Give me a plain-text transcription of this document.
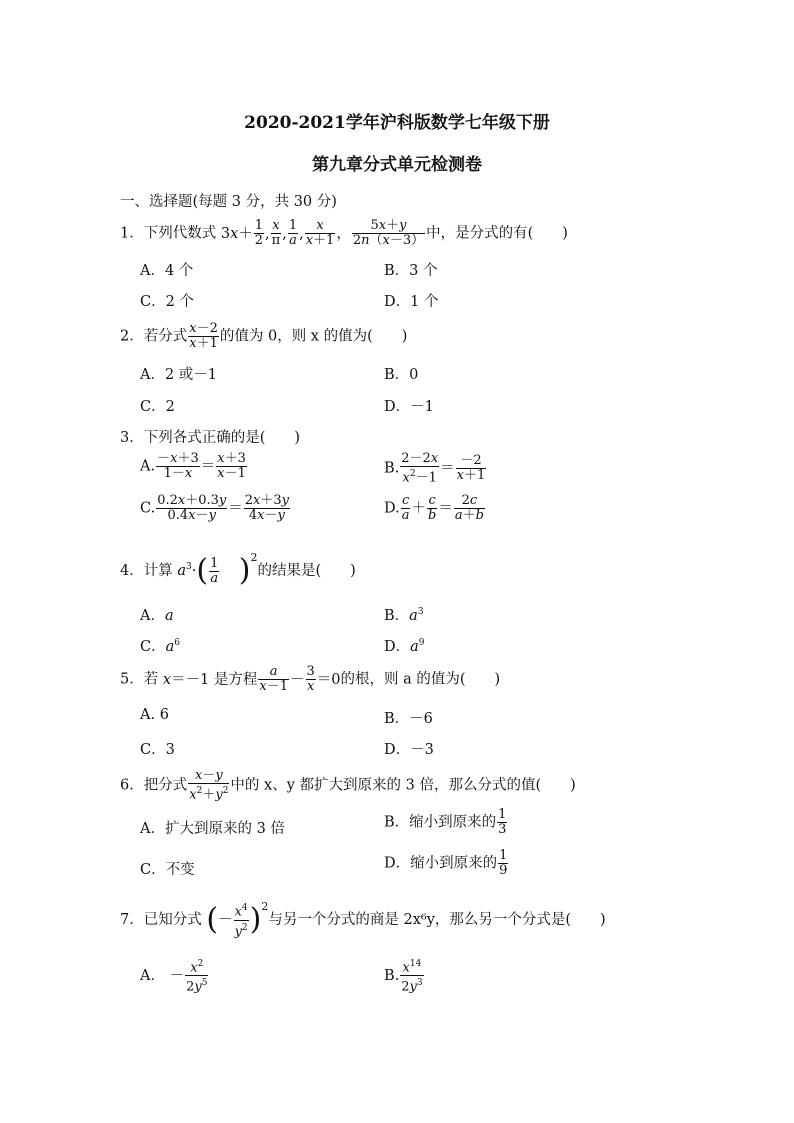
2020-2021学年沪科版数学七年级下册
第九章分式单元检测卷
一、选择题(每题 3 分，共 30 分)
1．下列代数式 $3x+ \frac{1}{2}$ , $\frac{x}{\pi}$ , $\frac{1}{a}$ , $\frac{x}{x+1}$ ， $\frac{5x+y}{2n(x-3)}$ 中，是分式的有(　　)
A．4 个	B．3 个
C．2 个	D．1 个
2．若分式 $\frac{x-2}{x+1}$ 的值为 0，则 x 的值为(　　)
A．2 或－1	B．0
C．2	D．－1
3．下列各式正确的是(　　)
A. $\frac{-x+3}{1-x} = \frac{x+3}{x-1}$	B. $\frac{2-2x}{x^2-1} = \frac{-2}{x+1}$
C. $\frac{0.2x+0.3y}{0.4x-y} = \frac{2x+3y}{4x-y}$	D. $\frac{c}{a} + \frac{c}{b} = \frac{2c}{a+b}$
4．计算 $a^3\cdot( \frac{1}{a} )^2$的结果是(　　)
A．a	B．$a^3$
C．$a^6$	D．$a^9$
5．若 x＝－1 是方程 $\frac{a}{x-1} - \frac{3}{x} =0$的根，则 a 的值为(　　)
A. 6	B．－6
C．3	D．－3
6．把分式 $\frac{x-y}{x^2+y^2}$ 中的 x、y 都扩大到原来的 3 倍，那么分式的值(　　)
A．扩大到原来的 3 倍	B．缩小到原来的 $\frac{1}{3}$
C．不变	D．缩小到原来的 $\frac{1}{9}$
7．已知分式 (－ $\frac{x^4}{y^2} )^2$与另一个分式的商是 2x⁶y，那么另一个分式是(　　)
A． － $\frac{x^2}{2y^5}$	B. $\frac{x^{14}}{2y^3}$
